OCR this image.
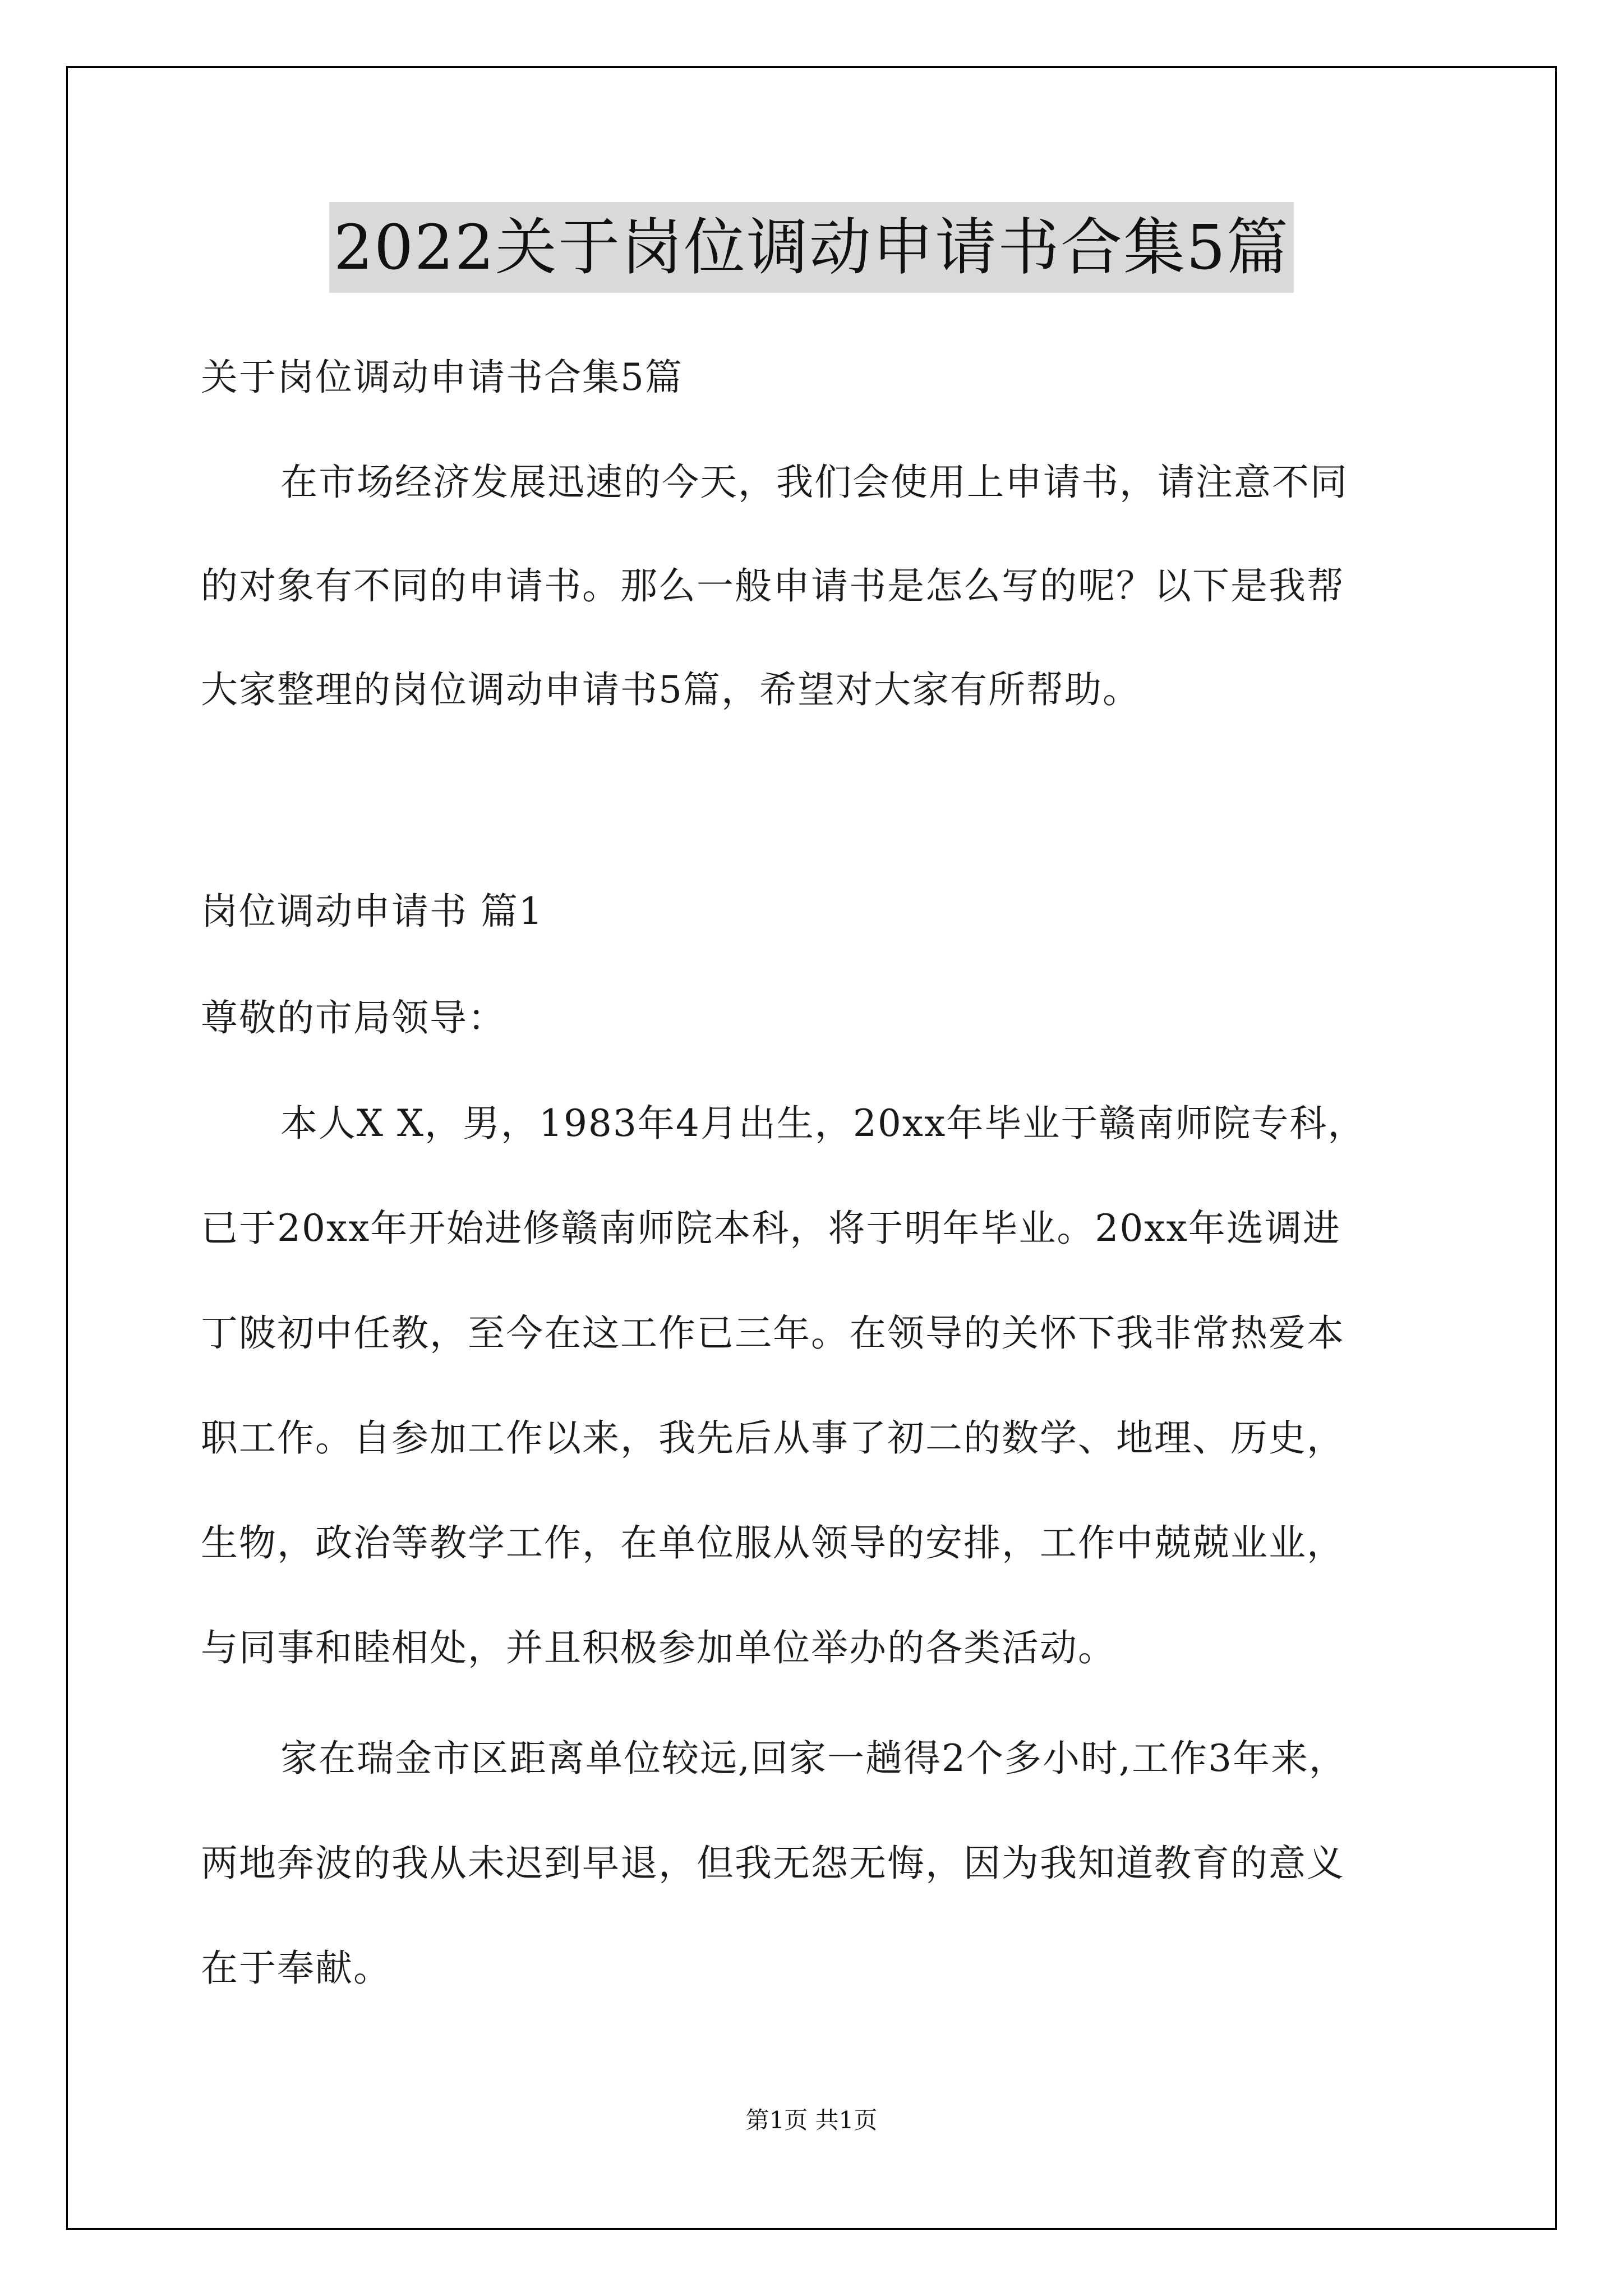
2022关于岗位调动申请书合集5篇
关于岗位调动申请书合集5篇
在市场经济发展迅速的今天，我们会使用上申请书，请注意不同
的对象有不同的申请书。那么一般申请书是怎么写的呢？以下是我帮
大家整理的岗位调动申请书5篇，希望对大家有所帮助。
岗位调动申请书 篇1
尊敬的市局领导：
本人X X，男，1983年4月出生，20xx年毕业于赣南师院专科，
已于20xx年开始进修赣南师院本科，将于明年毕业。20xx年选调进
丁陂初中任教，至今在这工作已三年。在领导的关怀下我非常热爱本
职工作。自参加工作以来，我先后从事了初二的数学、地理、历史，
生物，政治等教学工作，在单位服从领导的安排，工作中兢兢业业，
与同事和睦相处，并且积极参加单位举办的各类活动。
家在瑞金市区距离单位较远,回家一趟得2个多小时,工作3年来，
两地奔波的我从未迟到早退，但我无怨无悔，因为我知道教育的意义
在于奉献。
第1页 共1页
